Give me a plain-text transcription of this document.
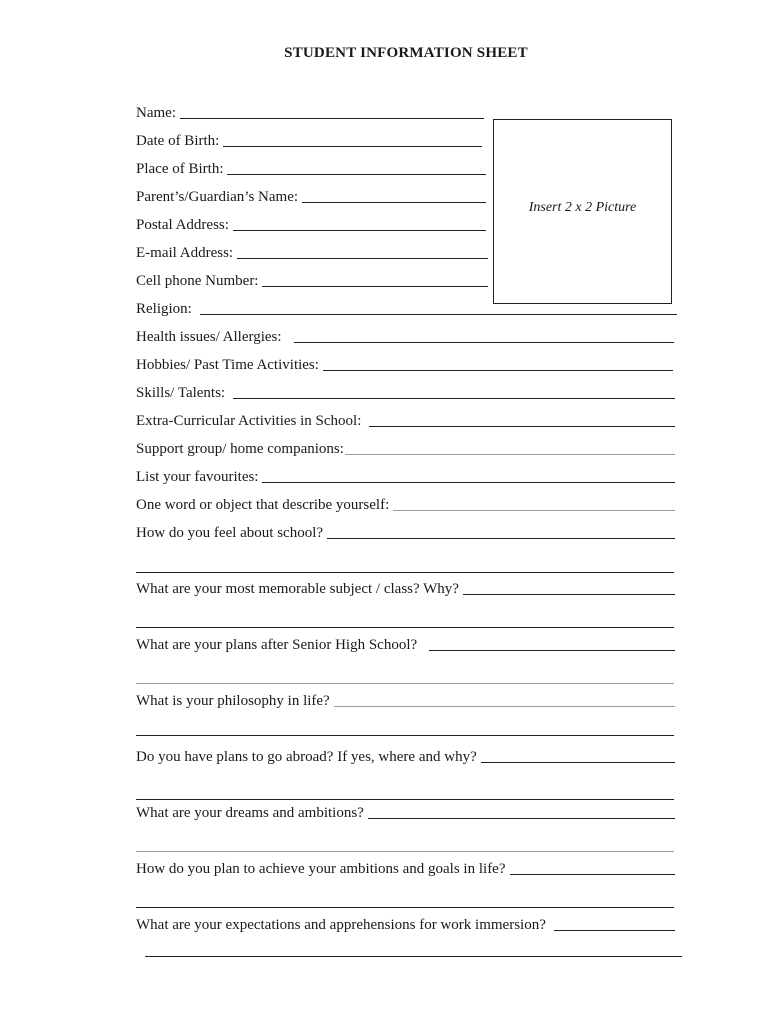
STUDENT INFORMATION SHEET
Insert 2 x 2 Picture
Name:
Date of Birth:
Place of Birth:
Parent’s/Guardian’s Name:
Postal Address:
E-mail Address:
Cell phone Number:
Religion:
Health issues/ Allergies:
Hobbies/ Past Time Activities:
Skills/ Talents:
Extra-Curricular Activities in School:
Support group/ home companions:
List your favourites:
One word or object that describe yourself:
How do you feel about school?
What are your most memorable subject / class? Why?
What are your plans after Senior High School?
What is your philosophy in life?
Do you have plans to go abroad? If yes, where and why?
What are your dreams and ambitions?
How do you plan to achieve your ambitions and goals in life?
What are your expectations and apprehensions for work immersion?
